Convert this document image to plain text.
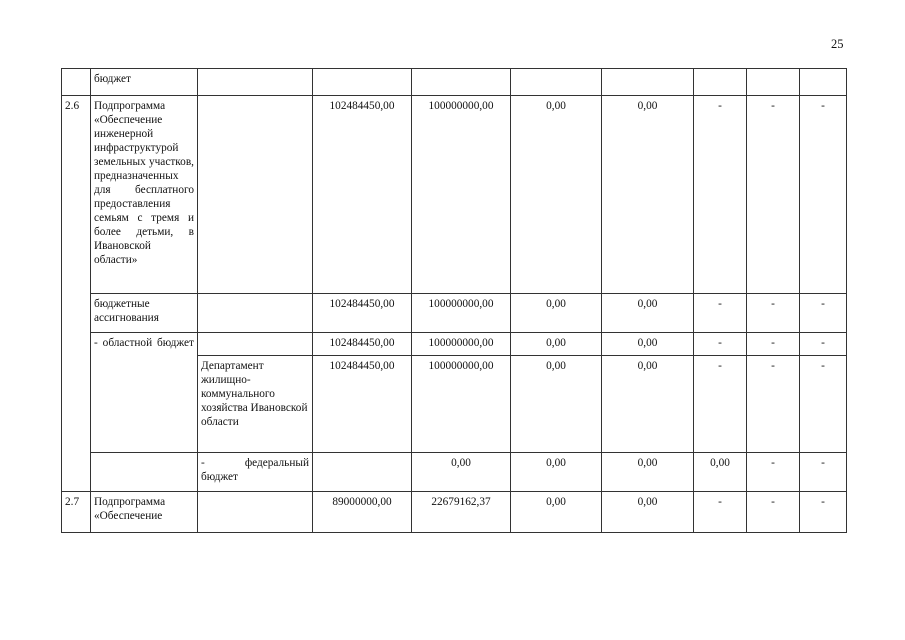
25
	бюджет									
2.6	Подпрограмма «Обеспечение инженерной инфраструктурой земельных участков, предназначенных для бесплатного предоставления семьям с тремя и более детьми, в Ивановской области»		102484450,00	100000000,00	0,00	0,00	-	-	-	
	бюджетные ассигнования		102484450,00	100000000,00	0,00	0,00	-	-	-	

	- областной бюджет		102484450,00	100000000,00	0,00	0,00	-	-	-	
		Департамент жилищно-коммунального хозяйства Ивановской области	102484450,00	100000000,00	0,00	0,00	-	-	-	

		- федеральный бюджет		0,00	0,00	0,00	0,00	-	-	
2.7	Подпрограмма «Обеспечение		89000000,00	22679162,37	0,00	0,00	-	-	-	
